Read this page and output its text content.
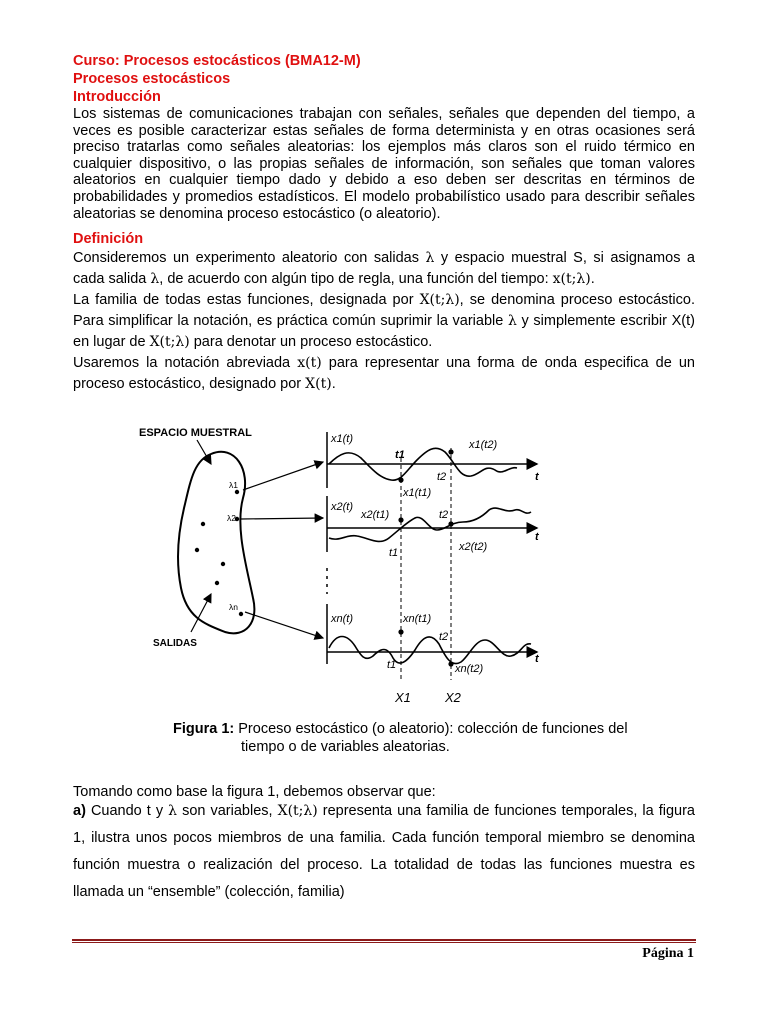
Curso: Procesos estocásticos (BMA12-M)
Procesos estocásticos
Introducción

Los sistemas de comunicaciones trabajan con señales, señales que dependen del tiempo, a veces es posible caracterizar estas señales de forma determinista y en otras ocasiones será preciso tratarlas como señales aleatorias: los ejemplos más claros son el ruido térmico en cualquier dispositivo, o las propias señales de información, son señales que toman valores aleatorios en cualquier tiempo dado y debido a eso deben ser descritas en términos de probabilidades y promedios estadísticos. El modelo probabilístico usado para describir señales aleatorias se denomina proceso estocástico (o aleatorio).

Definición

Consideremos un experimento aleatorio con salidas λ y espacio muestral S, si asignamos a cada salida λ, de acuerdo con algún tipo de regla, una función del tiempo: x(t;λ).

La familia de todas estas funciones, designada por X(t;λ), se denomina proceso estocástico. Para simplificar la notación, es práctica común suprimir la variable λ y simplemente escribir X(t) en lugar de X(t;λ) para denotar un proceso estocástico.

Usaremos la notación abreviada x(t) para representar una forma de onda especifica de un proceso estocástico, designado por X(t).

ESPACIO MUESTRAL
SALIDAS
λ1
λ2
λn
x1(t)
t1
x1(t2)
t2
x1(t1)
t
x2(t)
x2(t1)	t2
t1	x2(t2)
t
xn(t)	xn(t1)
t2
t1	xn(t2)
t
X1	X2
Figura 1: Proceso estocástico (o aleatorio): colección de funciones del
tiempo o de variables aleatorias.

Tomando como base la figura 1, debemos observar que:

a) Cuando t y λ son variables, X(t;λ) representa una familia de funciones temporales, la figura 1, ilustra unos pocos miembros de una familia. Cada función temporal miembro se denomina función muestra o realización del proceso. La totalidad de todas las funciones muestra es llamada un “ensemble” (colección, familia)

Página 1
